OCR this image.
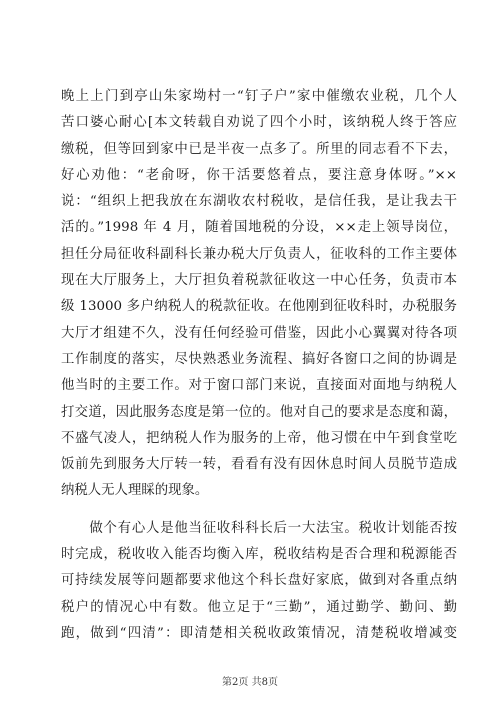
晚上上门到亭山朱家坳村一“钉子户”家中催缴农业税，几个人
苦口婆心耐心[本文转载自劝说了四个小时，该纳税人终于答应
缴税，但等回到家中已是半夜一点多了。所里的同志看不下去，
好心劝他：“老俞呀，你干活要悠着点，要注意身体呀。”××
说：“组织上把我放在东湖收农村税收，是信任我，是让我去干
活的。”1998 年 4 月，随着国地税的分设，××走上领导岗位，
担任分局征收科副科长兼办税大厅负责人，征收科的工作主要体
现在大厅服务上，大厅担负着税款征收这一中心任务，负责市本
级 13000 多户纳税人的税款征收。在他刚到征收科时，办税服务
大厅才组建不久，没有任何经验可借鉴，因此小心翼翼对待各项
工作制度的落实，尽快熟悉业务流程、搞好各窗口之间的协调是
他当时的主要工作。对于窗口部门来说，直接面对面地与纳税人
打交道，因此服务态度是第一位的。他对自己的要求是态度和蔼，
不盛气凌人，把纳税人作为服务的上帝，他习惯在中午到食堂吃
饭前先到服务大厅转一转，看看有没有因休息时间人员脱节造成
纳税人无人理睬的现象。
　　做个有心人是他当征收科科长后一大法宝。税收计划能否按
时完成，税收收入能否均衡入库，税收结构是否合理和税源能否
可持续发展等问题都要求他这个科长盘好家底，做到对各重点纳
税户的情况心中有数。他立足于“三勤”，通过勤学、勤问、勤
跑，做到“四清”：即清楚相关税收政策情况，清楚税收增减变
第2页 共8页
